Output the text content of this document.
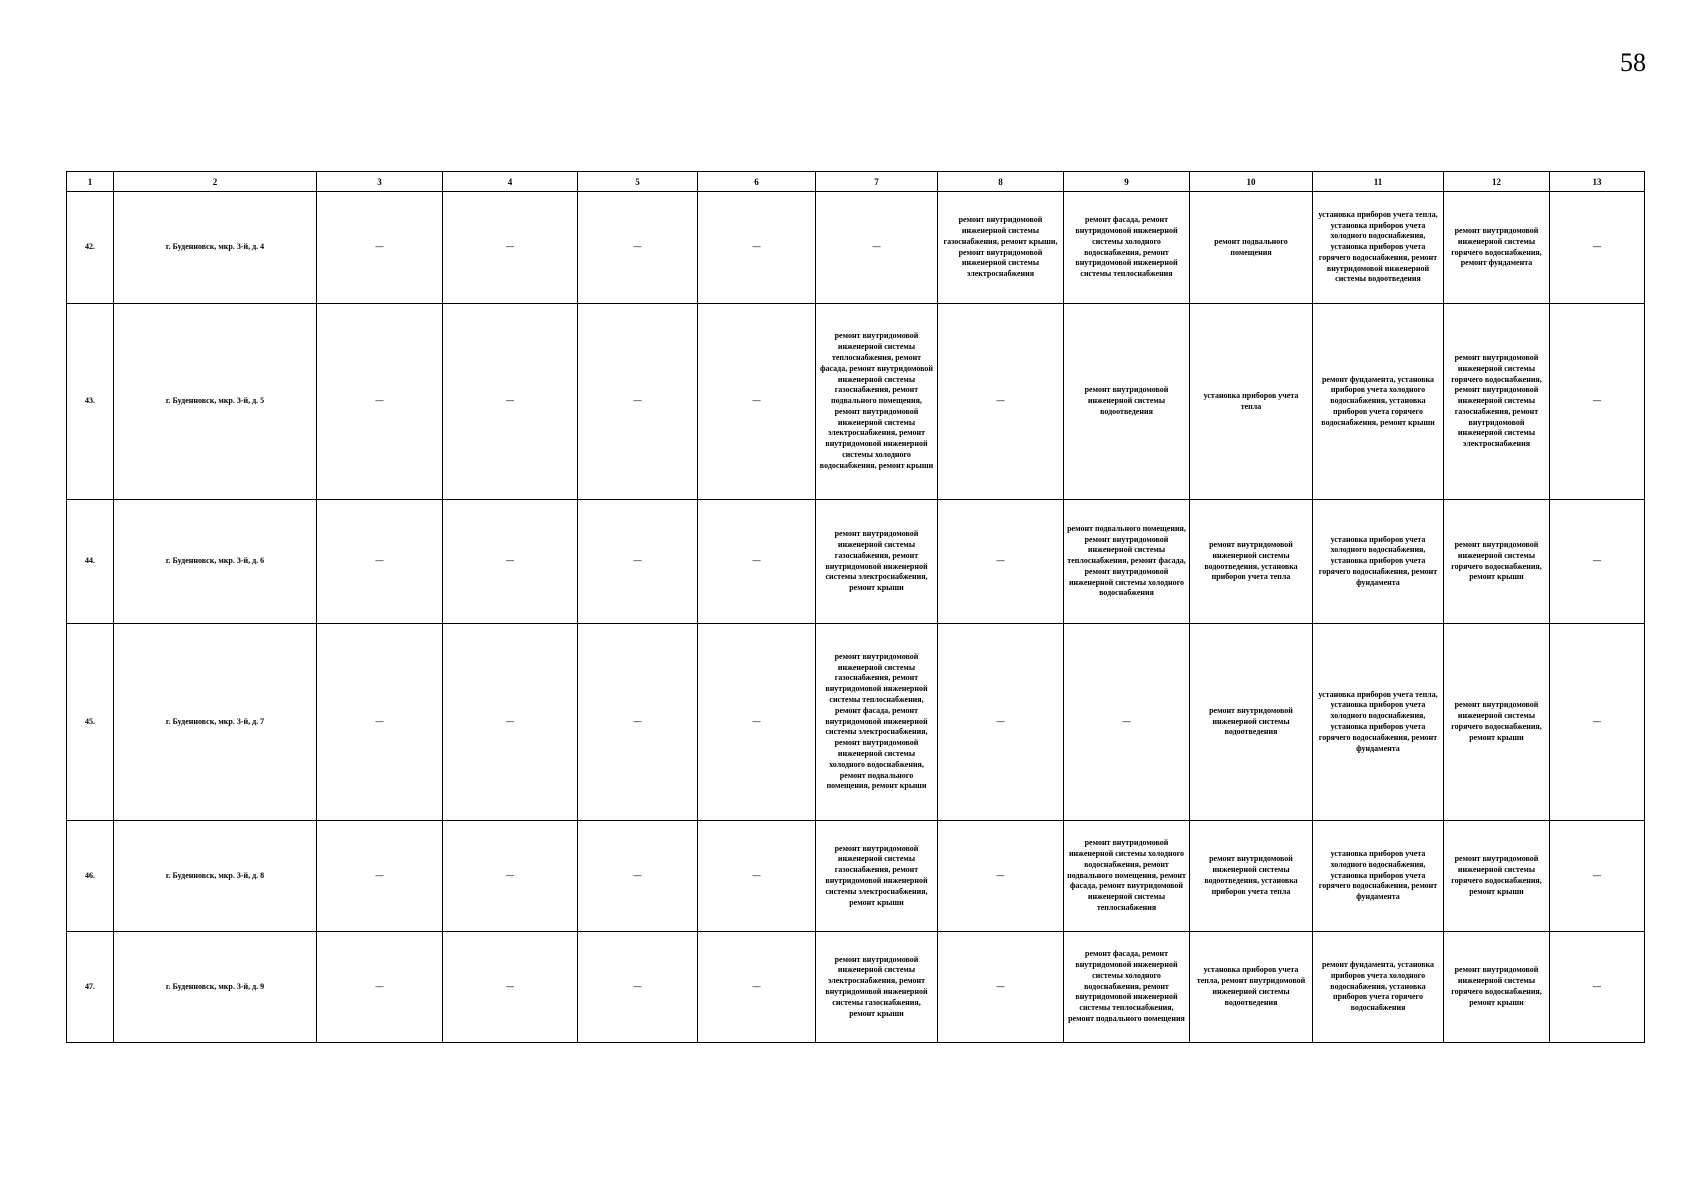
58
1	2	3	4	5	6	7	8	9	10	11	12	13
42.	г. Буденновск, мкр. 3-й, д. 4	—	—	—	—	—	ремонт внутридомовой инженерной системы газоснабжения, ремонт крыши, ремонт внутридомовой инженерной системы электроснабжения	ремонт фасада, ремонт внутридомовой инженерной системы холодного водоснабжения, ремонт внутридомовой инженерной системы теплоснабжения	ремонт подвального помещения	установка приборов учета тепла, установка приборов учета холодного водоснабжения, установка приборов учета горячего водоснабжения, ремонт внутридомовой инженерной системы водоотведения	ремонт внутридомовой инженерной системы горячего водоснабжения, ремонт фундамента	—
43.	г. Буденновск, мкр. 3-й, д. 5	—	—	—	—	ремонт внутридомовой инженерной системы теплоснабжения, ремонт фасада, ремонт внутридомовой инженерной системы газоснабжения, ремонт подвального помещения, ремонт внутридомовой инженерной системы электроснабжения, ремонт внутридомовой инженерной системы холодного водоснабжения, ремонт крыши	—	ремонт внутридомовой инженерной системы водоотведения	установка приборов учета тепла	ремонт фундамента, установка приборов учета холодного водоснабжения, установка приборов учета горячего водоснабжения, ремонт крыши	ремонт внутридомовой инженерной системы горячего водоснабжения, ремонт внутридомовой инженерной системы газоснабжения, ремонт внутридомовой инженерной системы электроснабжения	—
44.	г. Буденновск, мкр. 3-й, д. 6	—	—	—	—	ремонт внутридомовой инженерной системы газоснабжения, ремонт внутридомовой инженерной системы электроснабжения, ремонт крыши	—	ремонт подвального помещения, ремонт внутридомовой инженерной системы теплоснабжения, ремонт фасада, ремонт внутридомовой инженерной системы холодного водоснабжения	ремонт внутридомовой инженерной системы водоотведения, установка приборов учета тепла	установка приборов учета холодного водоснабжения, установка приборов учета горячего водоснабжения, ремонт фундамента	ремонт внутридомовой инженерной системы горячего водоснабжения, ремонт крыши	—
45.	г. Буденновск, мкр. 3-й, д. 7	—	—	—	—	ремонт внутридомовой инженерной системы газоснабжения, ремонт внутридомовой инженерной системы теплоснабжения, ремонт фасада, ремонт внутридомовой инженерной системы электроснабжения, ремонт внутридомовой инженерной системы холодного водоснабжения, ремонт подвального помещения, ремонт крыши	—	—	ремонт внутридомовой инженерной системы водоотведения	установка приборов учета тепла, установка приборов учета холодного водоснабжения, установка приборов учета горячего водоснабжения, ремонт фундамента	ремонт внутридомовой инженерной системы горячего водоснабжения, ремонт крыши	—
46.	г. Буденновск, мкр. 3-й, д. 8	—	—	—	—	ремонт внутридомовой инженерной системы газоснабжения, ремонт внутридомовой инженерной системы электроснабжения, ремонт крыши	—	ремонт внутридомовой инженерной системы холодного водоснабжения, ремонт подвального помещения, ремонт фасада, ремонт внутридомовой инженерной системы теплоснабжения	ремонт внутридомовой инженерной системы водоотведения, установка приборов учета тепла	установка приборов учета холодного водоснабжения, установка приборов учета горячего водоснабжения, ремонт фундамента	ремонт внутридомовой инженерной системы горячего водоснабжения, ремонт крыши	—
47.	г. Буденновск, мкр. 3-й, д. 9	—	—	—	—	ремонт внутридомовой инженерной системы электроснабжения, ремонт внутридомовой инженерной системы газоснабжения, ремонт крыши	—	ремонт фасада, ремонт внутридомовой инженерной системы холодного водоснабжения, ремонт внутридомовой инженерной системы теплоснабжения, ремонт подвального помещения	установка приборов учета тепла, ремонт внутридомовой инженерной системы водоотведения	ремонт фундамента, установка приборов учета холодного водоснабжения, установка приборов учета горячего водоснабжения	ремонт внутридомовой инженерной системы горячего водоснабжения, ремонт крыши	—
